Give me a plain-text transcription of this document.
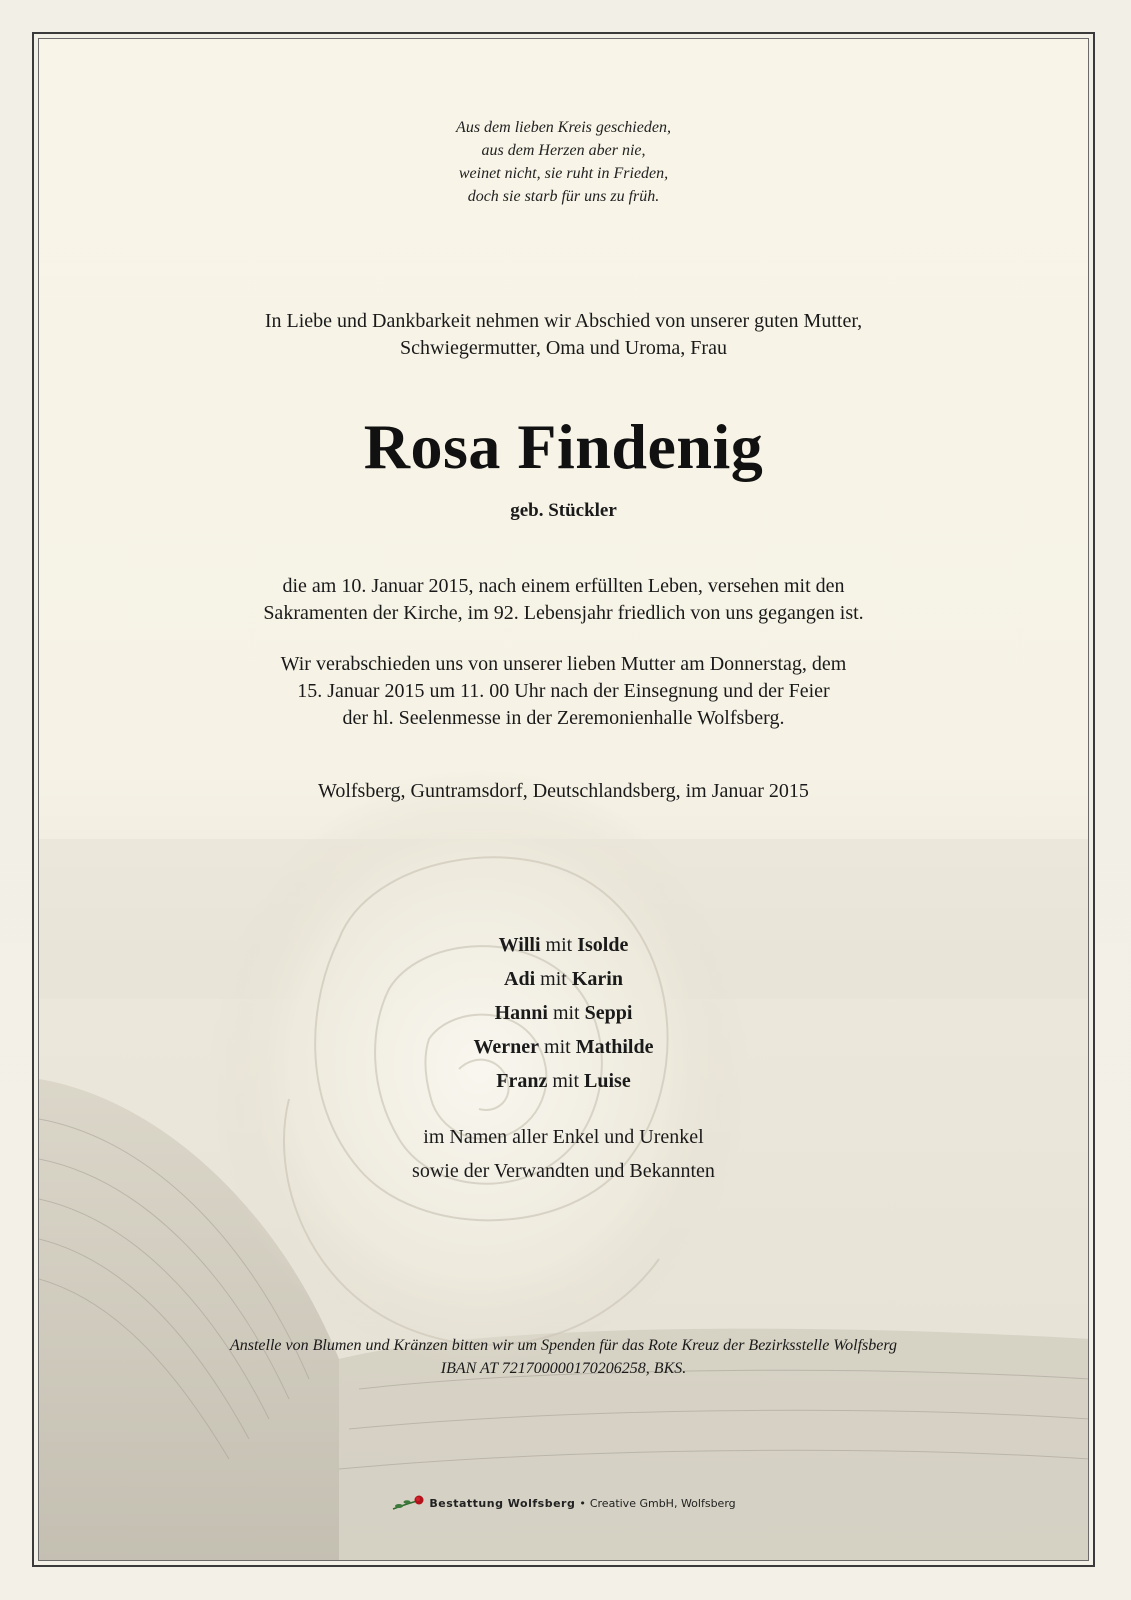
Aus dem lieben Kreis geschieden,
aus dem Herzen aber nie,
weinet nicht, sie ruht in Frieden,
doch sie starb für uns zu früh.
In Liebe und Dankbarkeit nehmen wir Abschied von unserer guten Mutter,
Schwiegermutter, Oma und Uroma, Frau
Rosa Findenig
geb. Stückler
die am 10. Januar 2015, nach einem erfüllten Leben, versehen mit den
Sakramenten der Kirche, im 92. Lebensjahr friedlich von uns gegangen ist.
Wir verabschieden uns von unserer lieben Mutter am Donnerstag, dem
15. Januar 2015 um 11. 00 Uhr nach der Einsegnung und der Feier
der hl. Seelenmesse in der Zeremonienhalle Wolfsberg.
Wolfsberg, Guntramsdorf, Deutschlandsberg, im Januar 2015
Willi mit Isolde
Adi mit Karin
Hanni mit Seppi
Werner mit Mathilde
Franz mit Luise
im Namen aller Enkel und Urenkel
sowie der Verwandten und Bekannten
Anstelle von Blumen und Kränzen bitten wir um Spenden für das Rote Kreuz der Bezirksstelle Wolfsberg
IBAN AT 721700000170206258, BKS.
Bestattung Wolfsberg • Creative GmbH, Wolfsberg
